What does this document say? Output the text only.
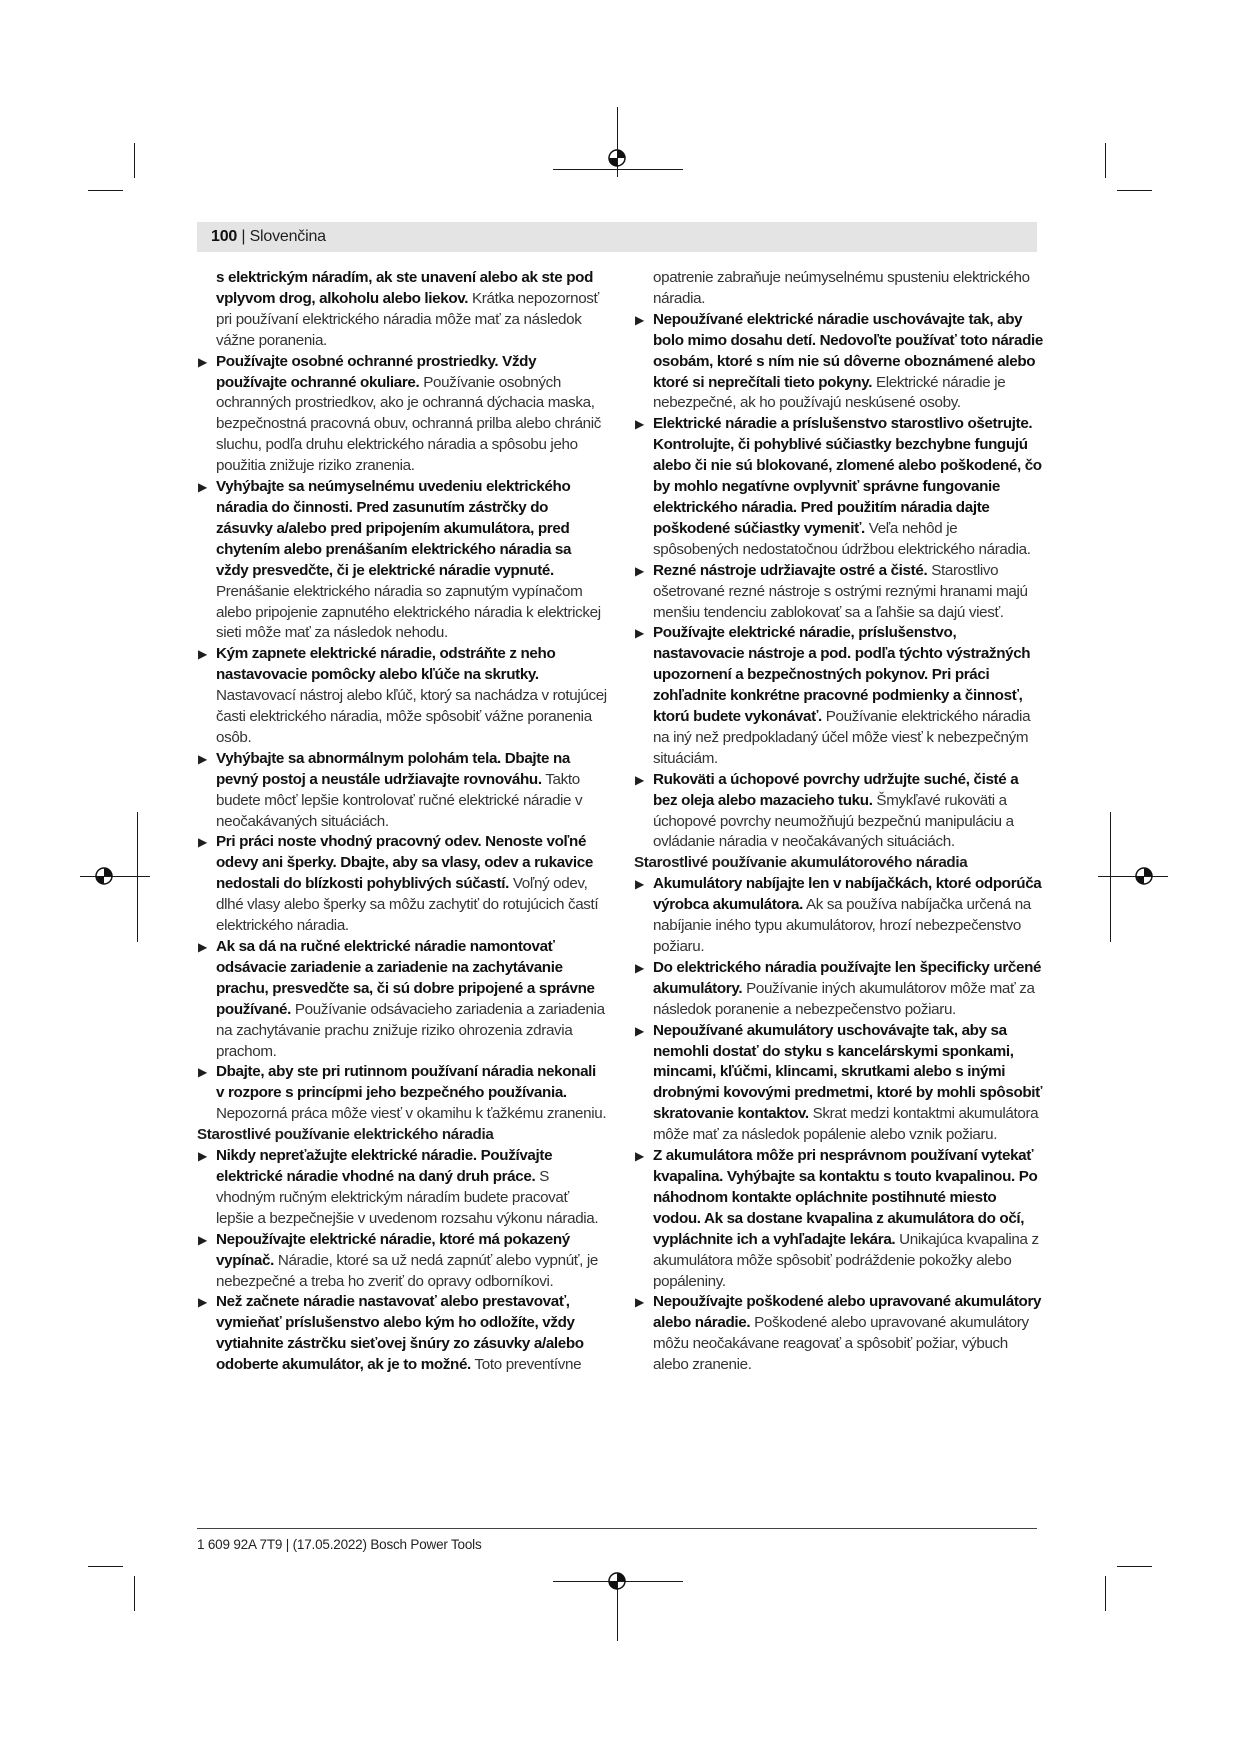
100 | Slovenčina

s elektrickým náradím, ak ste unavení alebo ak ste pod vplyvom drog, alkoholu alebo liekov. Krátka nepozornosť pri používaní elektrického náradia môže mať za následok vážne poranenia.

▶ Používajte osobné ochranné prostriedky. Vždy používajte ochranné okuliare. Používanie osobných ochranných prostriedkov, ako je ochranná dýchacia maska, bezpečnostná pracovná obuv, ochranná prilba alebo chránič sluchu, podľa druhu elektrického náradia a spôsobu jeho použitia znižuje riziko zranenia.

▶ Vyhýbajte sa neúmyselnému uvedeniu elektrického náradia do činnosti. Pred zasunutím zástrčky do zásuvky a/alebo pred pripojením akumulátora, pred chytením alebo prenášaním elektrického náradia sa vždy presvedčte, či je elektrické náradie vypnuté. Prenášanie elektrického náradia so zapnutým vypínačom alebo pripojenie zapnutého elektrického náradia k elektrickej sieti môže mať za následok nehodu.

▶ Kým zapnete elektrické náradie, odstráňte z neho nastavovacie pomôcky alebo kľúče na skrutky. Nastavovací nástroj alebo kľúč, ktorý sa nachádza v rotujúcej časti elektrického náradia, môže spôsobiť vážne poranenia osôb.

▶ Vyhýbajte sa abnormálnym polohám tela. Dbajte na pevný postoj a neustále udržiavajte rovnováhu. Takto budete môcť lepšie kontrolovať ručné elektrické náradie v neočakávaných situáciách.

▶ Pri práci noste vhodný pracovný odev. Nenoste voľné odevy ani šperky. Dbajte, aby sa vlasy, odev a rukavice nedostali do blízkosti pohyblivých súčastí. Voľný odev, dlhé vlasy alebo šperky sa môžu zachytiť do rotujúcich častí elektrického náradia.

▶ Ak sa dá na ručné elektrické náradie namontovať odsávacie zariadenie a zariadenie na zachytávanie prachu, presvedčte sa, či sú dobre pripojené a správne používané. Používanie odsávacieho zariadenia a zariadenia na zachytávanie prachu znižuje riziko ohrozenia zdravia prachom.

▶ Dbajte, aby ste pri rutinnom používaní náradia nekonali v rozpore s princípmi jeho bezpečného používania. Nepozorná práca môže viesť v okamihu k ťažkému zraneniu.

Starostlivé používanie elektrického náradia

▶ Nikdy nepreťažujte elektrické náradie. Používajte elektrické náradie vhodné na daný druh práce. S vhodným ručným elektrickým náradím budete pracovať lepšie a bezpečnejšie v uvedenom rozsahu výkonu náradia.

▶ Nepoužívajte elektrické náradie, ktoré má pokazený vypínač. Náradie, ktoré sa už nedá zapnúť alebo vypnúť, je nebezpečné a treba ho zveriť do opravy odborníkovi.

▶ Než začnete náradie nastavovať alebo prestavovať, vymieňať príslušenstvo alebo kým ho odložíte, vždy vytiahnite zástrčku sieťovej šnúry zo zásuvky a/alebo odoberte akumulátor, ak je to možné. Toto preventívne

opatrenie zabraňuje neúmyselnému spusteniu elektrického náradia.

▶ Nepoužívané elektrické náradie uschovávajte tak, aby bolo mimo dosahu detí. Nedovoľte používať toto náradie osobám, ktoré s ním nie sú dôverne oboznámené alebo ktoré si neprečítali tieto pokyny. Elektrické náradie je nebezpečné, ak ho používajú neskúsené osoby.

▶ Elektrické náradie a príslušenstvo starostlivo ošetrujte. Kontrolujte, či pohyblivé súčiastky bezchybne fungujú alebo či nie sú blokované, zlomené alebo poškodené, čo by mohlo negatívne ovplyvniť správne fungovanie elektrického náradia. Pred použitím náradia dajte poškodené súčiastky vymeniť. Veľa nehôd je spôsobených nedostatočnou údržbou elektrického náradia.

▶ Rezné nástroje udržiavajte ostré a čisté. Starostlivo ošetrované rezné nástroje s ostrými reznými hranami majú menšiu tendenciu zablokovať sa a ľahšie sa dajú viesť.

▶ Používajte elektrické náradie, príslušenstvo, nastavovacie nástroje a pod. podľa týchto výstražných upozornení a bezpečnostných pokynov. Pri práci zohľadnite konkrétne pracovné podmienky a činnosť, ktorú budete vykonávať. Používanie elektrického náradia na iný než predpokladaný účel môže viesť k nebezpečným situáciám.

▶ Rukoväti a úchopové povrchy udržujte suché, čisté a bez oleja alebo mazacieho tuku. Šmykľavé rukoväti a úchopové povrchy neumožňujú bezpečnú manipuláciu a ovládanie náradia v neočakávaných situáciách.

Starostlivé používanie akumulátorového náradia

▶ Akumulátory nabíjajte len v nabíjačkách, ktoré odporúča výrobca akumulátora. Ak sa používa nabíjačka určená na nabíjanie iného typu akumulátorov, hrozí nebezpečenstvo požiaru.

▶ Do elektrického náradia používajte len špecificky určené akumulátory. Používanie iných akumulátorov môže mať za následok poranenie a nebezpečenstvo požiaru.

▶ Nepoužívané akumulátory uschovávajte tak, aby sa nemohli dostať do styku s kancelárskymi sponkami, mincami, kľúčmi, klincami, skrutkami alebo s inými drobnými kovovými predmetmi, ktoré by mohli spôsobiť skratovanie kontaktov. Skrat medzi kontaktmi akumulátora môže mať za následok popálenie alebo vznik požiaru.

▶ Z akumulátora môže pri nesprávnom používaní vytekať kvapalina. Vyhýbajte sa kontaktu s touto kvapalinou. Po náhodnom kontakte opláchnite postihnuté miesto vodou. Ak sa dostane kvapalina z akumulátora do očí, vypláchnite ich a vyhľadajte lekára. Unikajúca kvapalina z akumulátora môže spôsobiť podráždenie pokožky alebo popáleniny.

▶ Nepoužívajte poškodené alebo upravované akumulátory alebo náradie. Poškodené alebo upravované akumulátory môžu neočakávane reagovať a spôsobiť požiar, výbuch alebo zranenie.

1 609 92A 7T9 | (17.05.2022) Bosch Power Tools
